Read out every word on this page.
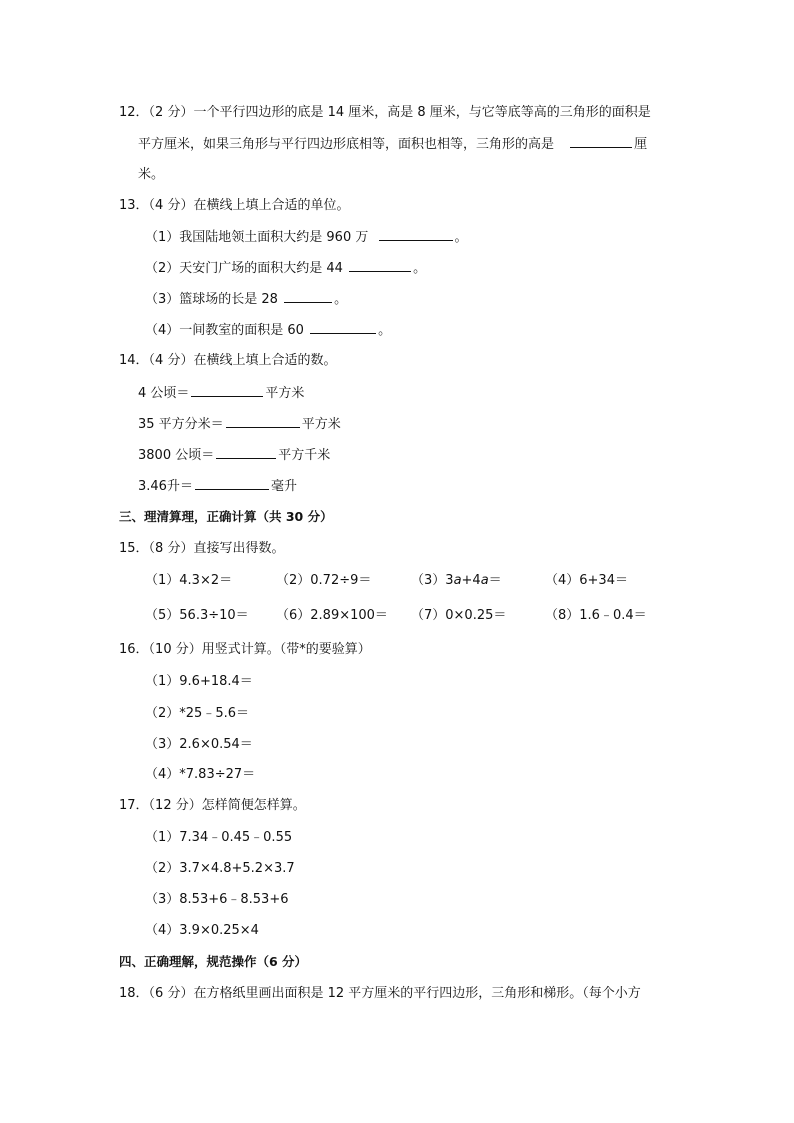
12．（2 分）一个平行四边形的底是 14 厘米，高是 8 厘米，与它等底等高的三角形的面积是
平方厘米，如果三角形与平行四边形底相等，面积也相等，三角形的高是	厘
米。
13．（4 分）在横线上填上合适的单位。
（1）我国陆地领土面积大约是 960 万	。
（2）天安门广场的面积大约是 44	。
（3）篮球场的长是 28	。
（4）一间教室的面积是 60	。
14．（4 分）在横线上填上合适的数。
4 公顷＝	平方米
35 平方分米＝	平方米
3800 公顷＝	平方千米
3.46升＝	毫升
三、理清算理，正确计算（共 30 分）
15．（8 分）直接写出得数。
（1）4.3×2＝	（2）0.72÷9＝	（3）3a+4a＝	（4）6+34＝
（5）56.3÷10＝ （6）2.89×100＝ （7）0×0.25＝	（8）1.6﹣0.4＝
16．（10 分）用竖式计算。（带*的要验算）
（1）9.6+18.4＝
（2）*25﹣5.6＝
（3）2.6×0.54＝
（4）*7.83÷27＝
17．（12 分）怎样简便怎样算。
（1）7.34﹣0.45﹣0.55
（2）3.7×4.8+5.2×3.7
（3）8.53+6﹣8.53+6
（4）3.9×0.25×4
四、正确理解，规范操作（6 分）
18．（6 分）在方格纸里画出面积是 12 平方厘米的平行四边形，三角形和梯形。（每个小方
